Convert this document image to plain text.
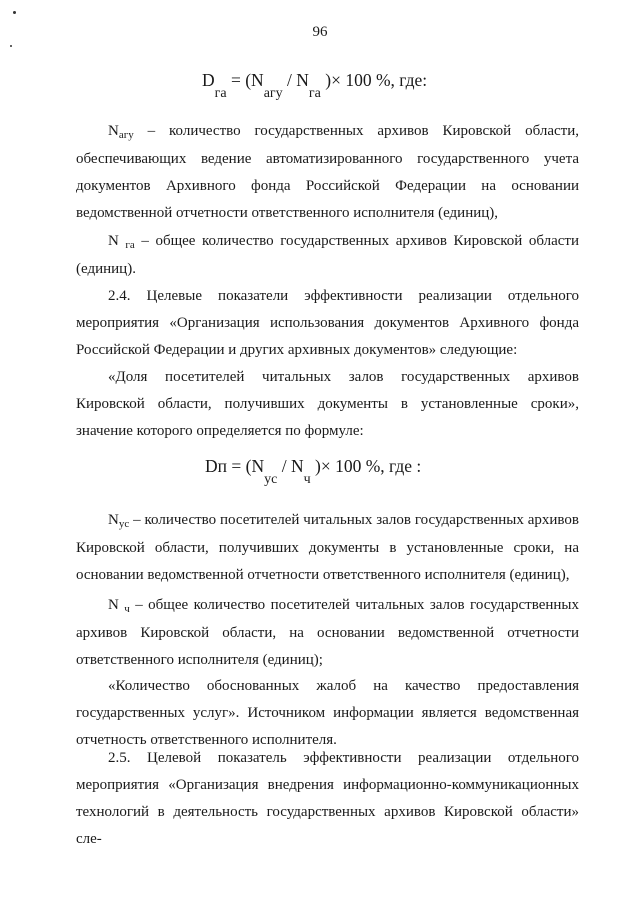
96
$D_{га} = (N_{агу} / N_{га}$ )× 100 %, где:

$N_{агу}$ – количество государственных архивов Кировской области, обеспечивающих ведение автоматизированного государственного учета документов Архивного фонда Российской Федерации на основании ведомственной отчетности ответственного исполнителя (единиц),

N $_{га}$ – общее количество государственных архивов Кировской области (единиц).

2.4. Целевые показатели эффективности реализации отдельного мероприятия «Организация использования документов Архивного фонда Российской Федерации и других архивных документов» следующие:

«Доля посетителей читальных залов государственных архивов Кировской области, получивших документы в установленные сроки», значение которого определяется по формуле:

Dп = ($N_{ус} / N_ч$ )× 100 %, где :

$N_{ус}$ – количество посетителей читальных залов государственных архивов Кировской области, получивших документы в установленные сроки, на основании ведомственной отчетности ответственного исполнителя (единиц),

N $_ч$ – общее количество посетителей читальных залов государственных архивов Кировской области, на основании ведомственной отчетности ответственного исполнителя (единиц);

«Количество обоснованных жалоб на качество предоставления государственных услуг». Источником информации является ведомственная отчетность ответственного исполнителя.

2.5. Целевой показатель эффективности реализации отдельного мероприятия «Организация внедрения информационно-коммуникационных технологий в деятельность государственных архивов Кировской области» сле-
